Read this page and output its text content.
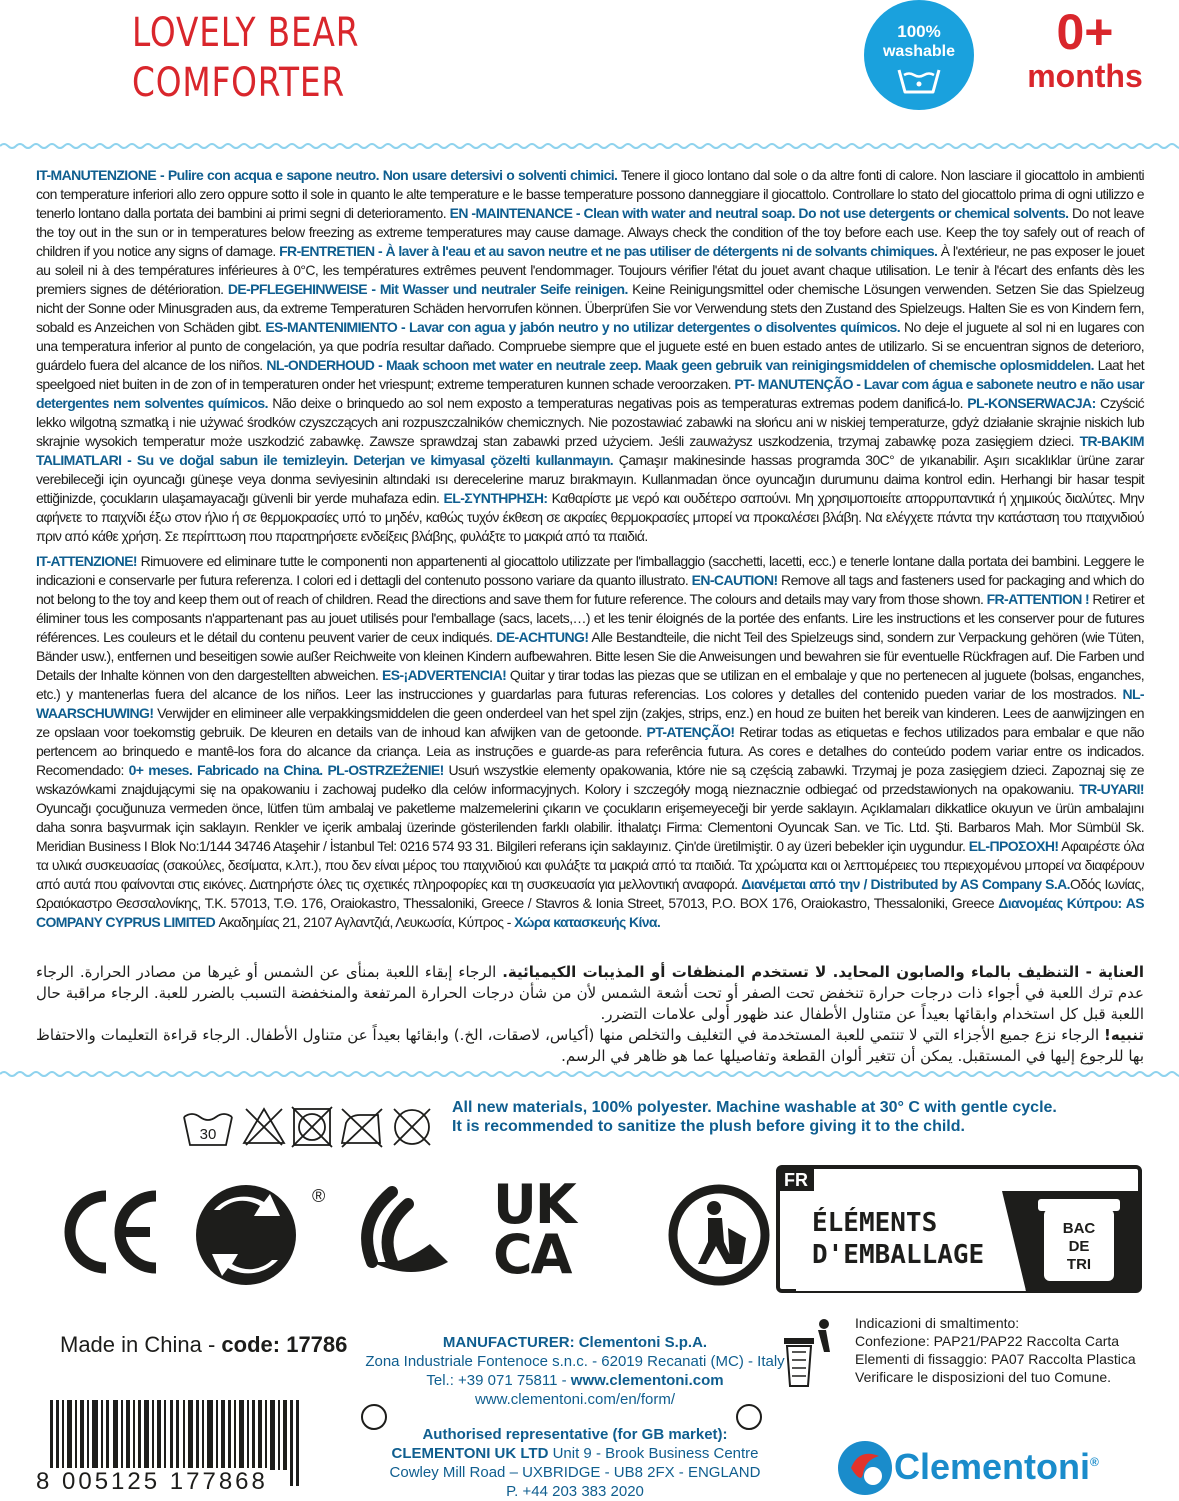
LOVELY BEAR
COMFORTER
100%
washable	0+
months
IT-MANUTENZIONE - Pulire con acqua e sapone neutro. Non usare detersivi o solventi chimici. Tenere il gioco lontano dal sole o da altre fonti di calore. Non lasciare il giocattolo in ambienti con temperature inferiori allo zero oppure sotto il sole in quanto le alte temperature e le basse temperature possono danneggiare il giocattolo. Controllare lo stato del giocattolo prima di ogni utilizzo e tenerlo lontano dalla portata dei bambini ai primi segni di deterioramento. EN -MAINTENANCE - Clean with water and neutral soap. Do not use detergents or chemical solvents. Do not leave the toy out in the sun or in temperatures below freezing as extreme temperatures may cause damage. Always check the condition of the toy before each use. Keep the toy safely out of reach of children if you notice any signs of damage. FR-ENTRETIEN - À laver à l'eau et au savon neutre et ne pas utiliser de détergents ni de solvants chimiques. À l'extérieur, ne pas exposer le jouet au soleil ni à des températures inférieures à 0°C, les températures extrêmes peuvent l'endommager. Toujours vérifier l'état du jouet avant chaque utilisation. Le tenir à l'écart des enfants dès les premiers signes de détérioration. DE-PFLEGEHINWEISE - Mit Wasser und neutraler Seife reinigen. Keine Reinigungsmittel oder chemische Lösungen verwenden. Setzen Sie das Spielzeug nicht der Sonne oder Minusgraden aus, da extreme Temperaturen Schäden hervorrufen können. Überprüfen Sie vor Verwendung stets den Zustand des Spielzeugs. Halten Sie es von Kindern fern, sobald es Anzeichen von Schäden gibt. ES-MANTENIMIENTO - Lavar con agua y jabón neutro y no utilizar detergentes o disolventes químicos. No deje el juguete al sol ni en lugares con una temperatura inferior al punto de congelación, ya que podría resultar dañado. Compruebe siempre que el juguete esté en buen estado antes de utilizarlo. Si se encuentran signos de deterioro, guárdelo fuera del alcance de los niños. NL-ONDERHOUD - Maak schoon met water en neutrale zeep. Maak geen gebruik van reinigingsmiddelen of chemische oplosmiddelen. Laat het speelgoed niet buiten in de zon of in temperaturen onder het vriespunt; extreme temperaturen kunnen schade veroorzaken. PT- MANUTENÇÃO - Lavar com água e sabonete neutro e não usar detergentes nem solventes químicos. Não deixe o brinquedo ao sol nem exposto a temperaturas negativas pois as temperaturas extremas podem danificá-lo. PL-KONSERWACJA: Czyścić lekko wilgotną szmatką i nie używać środków czyszczących ani rozpuszczalników chemicznych. Nie pozostawiać zabawki na słońcu ani w niskiej temperaturze, gdyż działanie skrajnie niskich lub skrajnie wysokich temperatur może uszkodzić zabawkę. Zawsze sprawdzaj stan zabawki przed użyciem. Jeśli zauważysz uszkodzenia, trzymaj zabawkę poza zasięgiem dzieci. TR-BAKIM TALIMATLARI - Su ve doğal sabun ile temizleyin. Deterjan ve kimyasal çözelti kullanmayın. Çamaşır makinesinde hassas programda 30C° de yıkanabilir. Aşırı sıcaklıklar ürüne zarar verebileceği için oyuncağı güneşe veya donma seviyesinin altındaki ısı derecelerine maruz bırakmayın. Kullanmadan önce oyuncağın durumunu daima kontrol edin. Herhangi bir hasar tespit ettiğinizde, çocukların ulaşamayacağı güvenli bir yerde muhafaza edin. EL-ΣΥΝΤΗΡΗΣΗ: Καθαρίστε με νερό και ουδέτερο σαπούνι. Μη χρησιμοποιείτε απορρυπαντικά ή χημικούς διαλύτες. Μην αφήνετε το παιχνίδι έξω στον ήλιο ή σε θερμοκρασίες υπό το μηδέν, καθώς τυχόν έκθεση σε ακραίες θερμοκρασίες μπορεί να προκαλέσει βλάβη. Να ελέγχετε πάντα την κατάσταση του παιχνιδιού πριν από κάθε χρήση. Σε περίπτωση που παρατηρήσετε ενδείξεις βλάβης, φυλάξτε το μακριά από τα παιδιά.
IT-ATTENZIONE! Rimuovere ed eliminare tutte le componenti non appartenenti al giocattolo utilizzate per l'imballaggio (sacchetti, lacetti, ecc.) e tenerle lontane dalla portata dei bambini. Leggere le indicazioni e conservarle per futura referenza. I colori ed i dettagli del contenuto possono variare da quanto illustrato. EN-CAUTION! Remove all tags and fasteners used for packaging and which do not belong to the toy and keep them out of reach of children. Read the directions and save them for future reference. The colours and details may vary from those shown. FR-ATTENTION ! Retirer et éliminer tous les composants n'appartenant pas au jouet utilisés pour l'emballage (sacs, lacets,…) et les tenir éloignés de la portée des enfants. Lire les instructions et les conserver pour de futures références. Les couleurs et le détail du contenu peuvent varier de ceux indiqués. DE-ACHTUNG! Alle Bestandteile, die nicht Teil des Spielzeugs sind, sondern zur Verpackung gehören (wie Tüten, Bänder usw.), entfernen und beseitigen sowie außer Reichweite von kleinen Kindern aufbewahren. Bitte lesen Sie die Anweisungen und bewahren sie für eventuelle Rückfragen auf. Die Farben und Details der Inhalte können von den dargestellten abweichen. ES-¡ADVERTENCIA! Quitar y tirar todas las piezas que se utilizan en el embalaje y que no pertenecen al juguete (bolsas, enganches, etc.) y mantenerlas fuera del alcance de los niños. Leer las instrucciones y guardarlas para futuras referencias. Los colores y detalles del contenido pueden variar de los mostrados. NL-WAARSCHUWING! Verwijder en elimineer alle verpakkingsmiddelen die geen onderdeel van het spel zijn (zakjes, strips, enz.) en houd ze buiten het bereik van kinderen. Lees de aanwijzingen en ze opslaan voor toekomstig gebruik. De kleuren en details van de inhoud kan afwijken van de getoonde. PT-ATENÇÃO! Retirar todas as etiquetas e fechos utilizados para embalar e que não pertencem ao brinquedo e mantê-los fora do alcance da criança. Leia as instruções e guarde-as para referência futura. As cores e detalhes do conteúdo podem variar entre os indicados. Recomendado: 0+ meses. Fabricado na China. PL-OSTRZEŻENIE! Usuń wszystkie elementy opakowania, które nie są częścią zabawki. Trzymaj je poza zasięgiem dzieci. Zapoznaj się ze wskazówkami znajdującymi się na opakowaniu i zachowaj pudełko dla celów informacyjnych. Kolory i szczegóły mogą nieznacznie odbiegać od przedstawionych na opakowaniu. TR-UYARI! Oyuncağı çocuğunuza vermeden önce, lütfen tüm ambalaj ve paketleme malzemelerini çıkarın ve çocukların erişemeyeceği bir yerde saklayın. Açıklamaları dikkatlice okuyun ve ürün ambalajını daha sonra başvurmak için saklayın. Renkler ve içerik ambalaj üzerinde gösterilenden farklı olabilir. İthalatçı Firma: Clementoni Oyuncak San. ve Tic. Ltd. Şti. Barbaros Mah. Mor Sümbül Sk. Meridian Business I Blok No:1/144 34746 Ataşehir / İstanbul Tel: 0216 574 93 31. Bilgileri referans için saklayınız. Çin'de üretilmiştir. 0 ay üzeri bebekler için uygundur. EL-ΠΡΟΣΟΧΗ! Αφαιρέστε όλα τα υλικά συσκευασίας (σακούλες, δεσίματα, κ.λπ.), που δεν είναι μέρος του παιχνιδιού και φυλάξτε τα μακριά από τα παιδιά. Τα χρώματα και οι λεπτομέρειες του περιεχομένου μπορεί να διαφέρουν από αυτά που φαίνονται στις εικόνες. Διατηρήστε όλες τις σχετικές πληροφορίες και τη συσκευασία για μελλοντική αναφορά. Διανέμεται από την / Distributed by AS Company S.A.Οδός Ιωνίας, Ωραιόκαστρο Θεσσαλονίκης, Τ.Κ. 57013, Τ.Θ. 176, Oraiokastro, Thessaloniki, Greece / Stavros & Ionia Street, 57013, P.O. BOX 176, Oraiokastro, Thessaloniki, Greece Διανομέας Κύπρου: AS COMPANY CYPRUS LIMITED Ακαδημίας 21, 2107 Αγλαντζιά, Λευκωσία, Κύπρος - Χώρα κατασκευής Κίνα.
العناية - التنظيف بالماء والصابون المحايد. لا تستخدم المنظفات أو المذيبات الكيميائية. الرجاء إبقاء اللعبة بمنأى عن الشمس أو غيرها من مصادر الحرارة. الرجاء عدم ترك اللعبة في أجواء ذات درجات حرارة تنخفض تحت الصفر أو تحت أشعة الشمس لأن من شأن درجات الحرارة المرتفعة والمنخفضة التسبب بالضرر للعبة. الرجاء مراقبة حال اللعبة قبل كل استخدام وابقائها بعيداً عن متناول الأطفال عند ظهور أولى علامات التضرر.
تنبيه! الرجاء نزع جميع الأجزاء التي لا تنتمي للعبة المستخدمة في التغليف والتخلص منها (أكياس، لاصقات، الخ.) وابقائها بعيداً عن متناول الأطفال. الرجاء قراءة التعليمات والاحتفاظ بها للرجوع إليها في المستقبل. يمكن أن تتغير ألوان القطعة وتفاصيلها عما هو ظاهر في الرسم.
30
All new materials, 100% polyester. Machine washable at 30° C with gentle cycle.
It is recommended to sanitize the plush before giving it to the child.
®	UK
CA
FR
ÉLÉMENTS
D'EMBALLAGE
BAC
DE
TRI
Made in China - code: 17786	MANUFACTURER: Clementoni S.p.A.
Zona Industriale Fontenoce s.n.c. - 62019 Recanati (MC) - Italy
Tel.: +39 071 75811 - www.clementoni.com
www.clementoni.com/en/form/
Authorised representative (for GB market):
CLEMENTONI UK LTD Unit 9 - Brook Business Centre
Cowley Mill Road – UXBRIDGE - UB8 2FX - ENGLAND
P. +44 203 383 2020
Indicazioni di smaltimento:
Confezione: PAP21/PAP22 Raccolta Carta
Elementi di fissaggio: PA07 Raccolta Plastica
Verificare le disposizioni del tuo Comune.
8 005125 177868	Clementoni®
